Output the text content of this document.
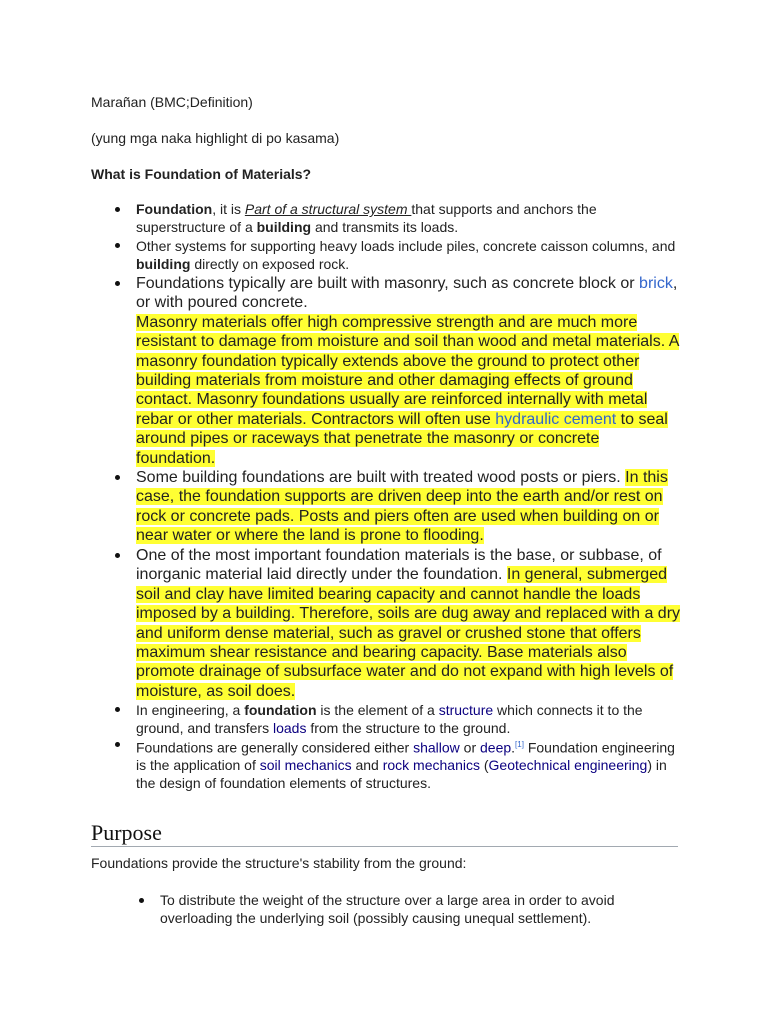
Marañan (BMC;Definition)
(yung mga naka highlight di po kasama)
What is Foundation of Materials?
Foundation, it is Part of a structural system that supports and anchors the superstructure of a building and transmits its loads.
Other systems for supporting heavy loads include piles, concrete caisson columns, and building directly on exposed rock.
Foundations typically are built with masonry, such as concrete block or brick, or with poured concrete.
Masonry materials offer high compressive strength and are much more resistant to damage from moisture and soil than wood and metal materials. A masonry foundation typically extends above the ground to protect other building materials from moisture and other damaging effects of ground contact. Masonry foundations usually are reinforced internally with metal rebar or other materials. Contractors will often use hydraulic cement to seal around pipes or raceways that penetrate the masonry or concrete foundation.
Some building foundations are built with treated wood posts or piers. In this case, the foundation supports are driven deep into the earth and/or rest on rock or concrete pads. Posts and piers often are used when building on or near water or where the land is prone to flooding.
One of the most important foundation materials is the base, or subbase, of inorganic material laid directly under the foundation. In general, submerged soil and clay have limited bearing capacity and cannot handle the loads imposed by a building. Therefore, soils are dug away and replaced with a dry and uniform dense material, such as gravel or crushed stone that offers maximum shear resistance and bearing capacity. Base materials also promote drainage of subsurface water and do not expand with high levels of moisture, as soil does.
In engineering, a foundation is the element of a structure which connects it to the ground, and transfers loads from the structure to the ground.
Foundations are generally considered either shallow or deep.[1] Foundation engineering is the application of soil mechanics and rock mechanics (Geotechnical engineering) in the design of foundation elements of structures.
Purpose
Foundations provide the structure's stability from the ground:
To distribute the weight of the structure over a large area in order to avoid overloading the underlying soil (possibly causing unequal settlement).
